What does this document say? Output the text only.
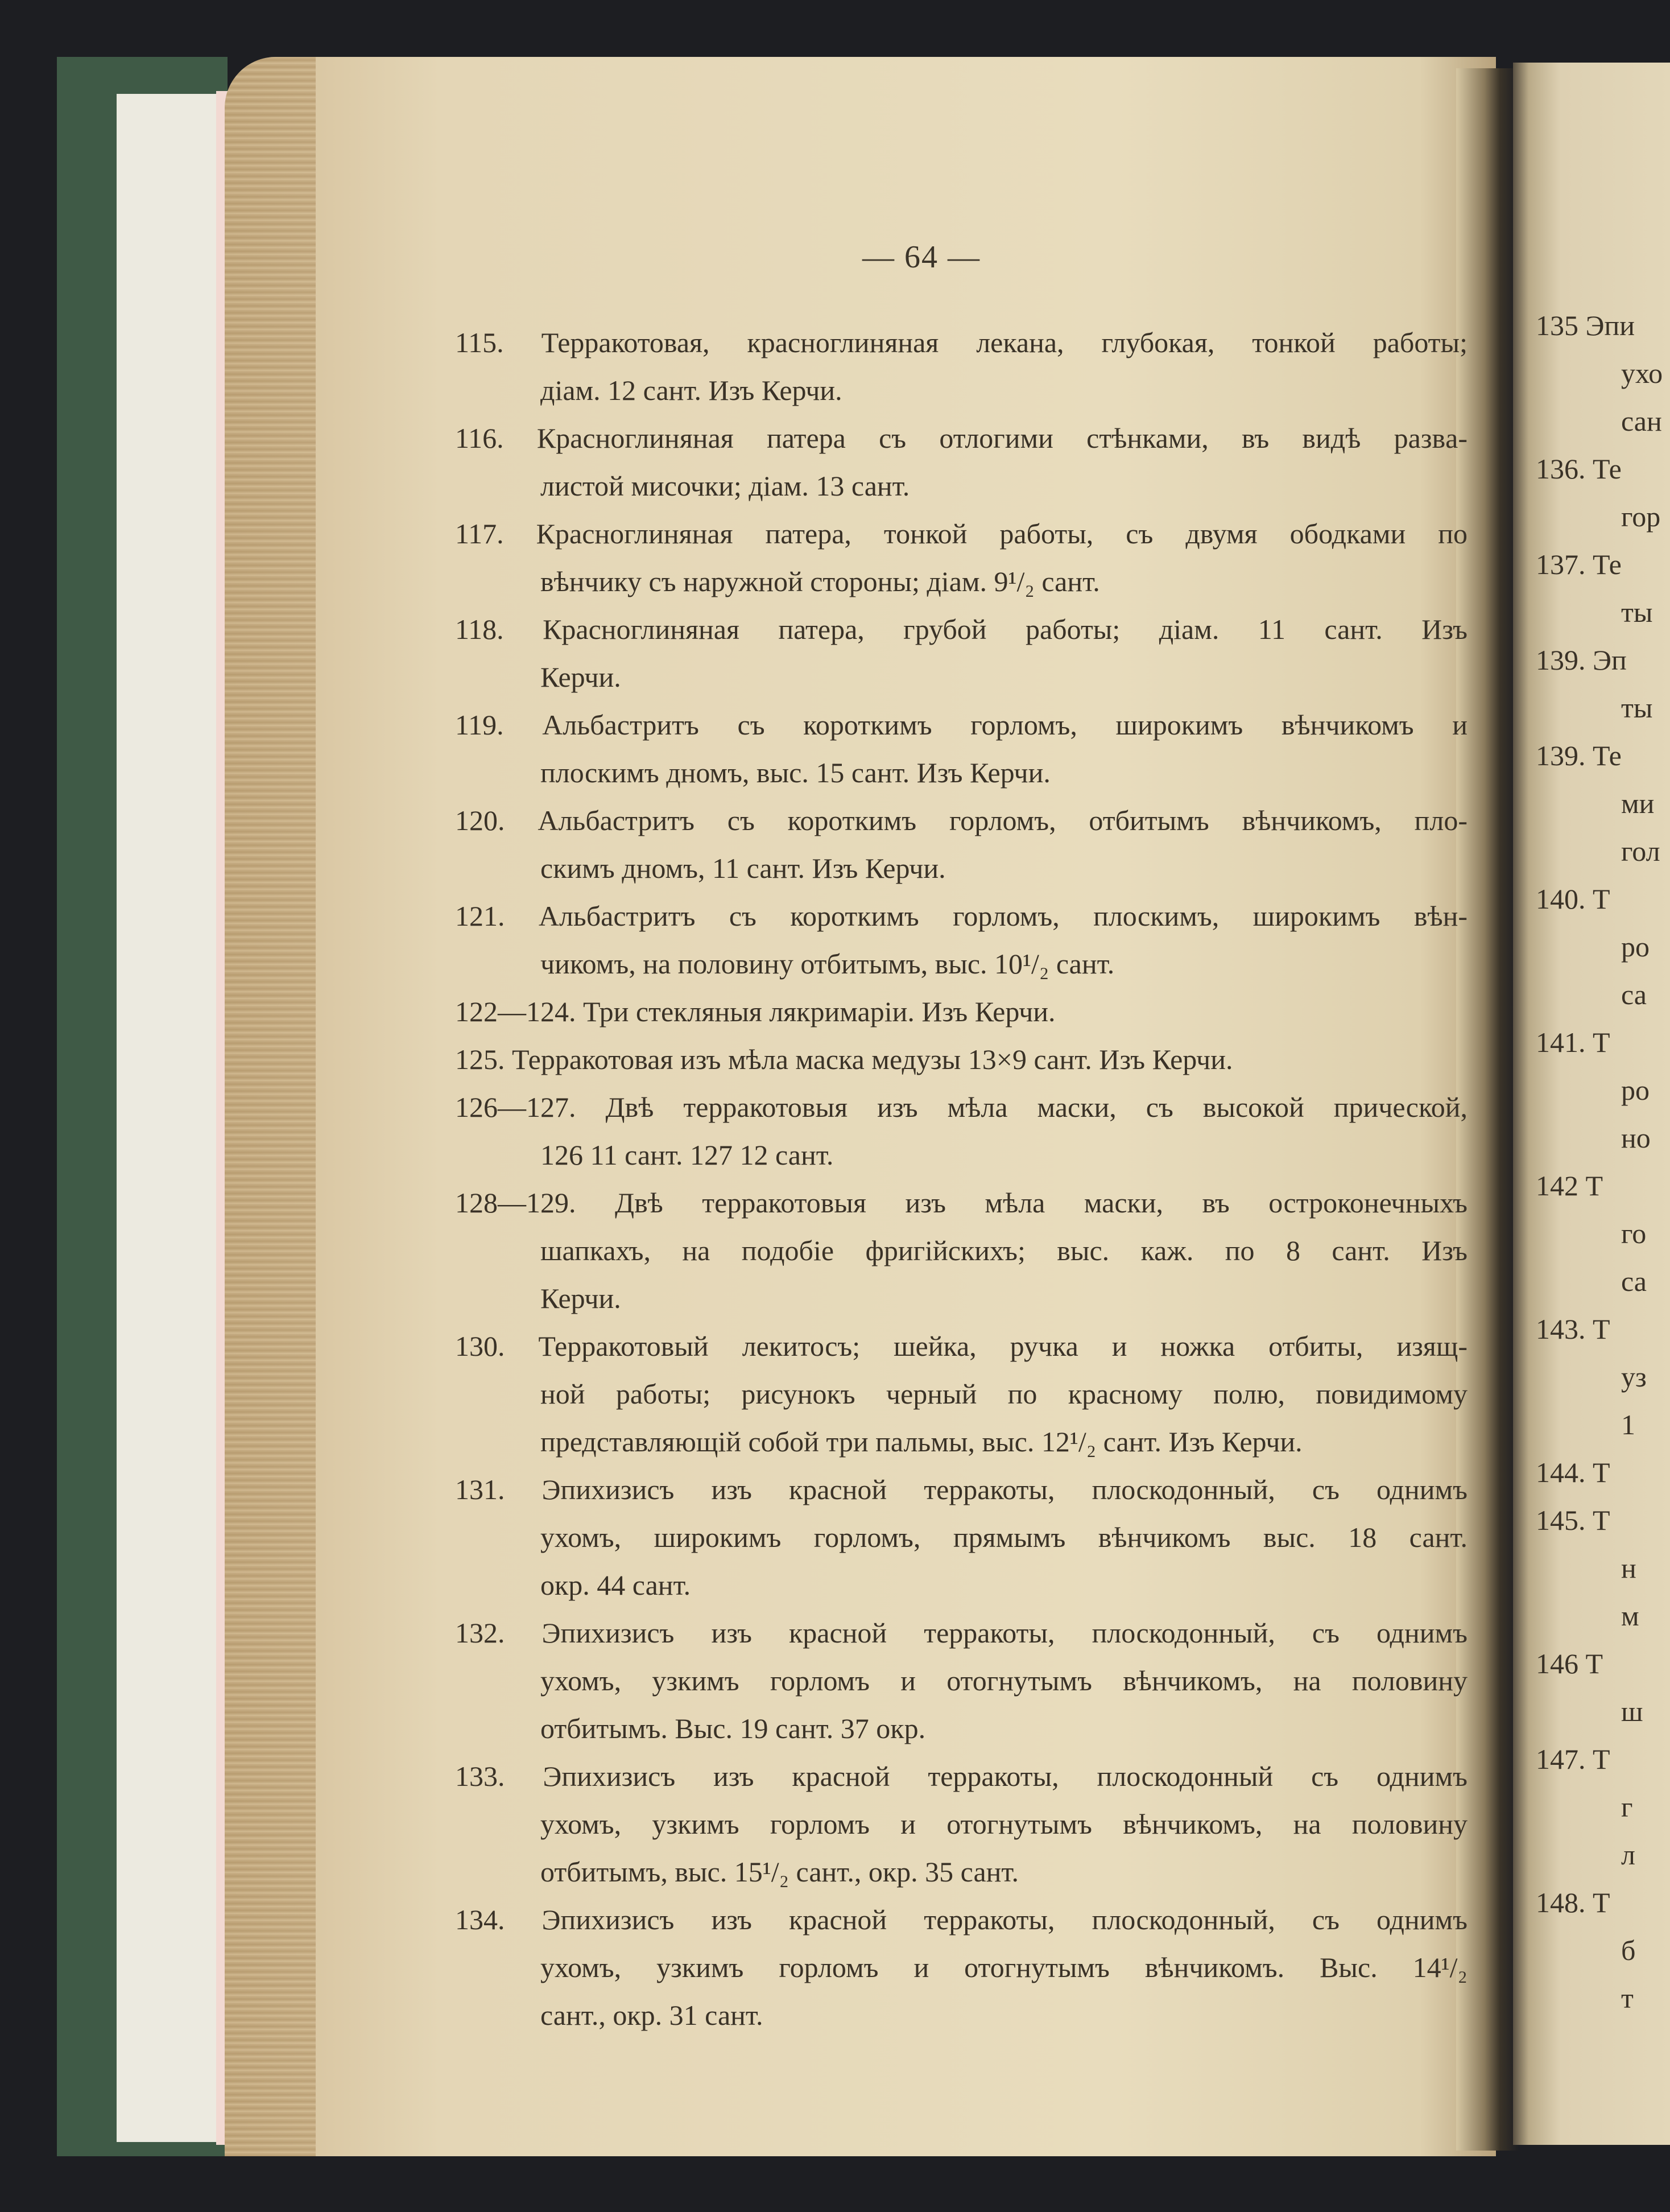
— 64 —
115. Терракотовая, красноглиняная лекана, глубокая, тонкой работы;
діам. 12 сант. Изъ Керчи.
116. Красноглиняная патера съ отлогими стѣнками, въ видѣ развa-
листой мисочки; діам. 13 сант.
117. Красноглиняная патера, тонкой работы, съ двумя ободками по
вѣнчику съ наружной стороны; діам. 9¹/₂ сант.
118. Красноглиняная патера, грубой работы; діам. 11 сант. Изъ
Керчи.
119. Альбастритъ съ короткимъ горломъ, широкимъ вѣнчикомъ и
плоскимъ дномъ, выс. 15 сант. Изъ Керчи.
120. Альбастритъ съ короткимъ горломъ, отбитымъ вѣнчикомъ, пло-
скимъ дномъ, 11 сант. Изъ Керчи.
121. Альбастритъ съ короткимъ горломъ, плоскимъ, широкимъ вѣн-
чикомъ, на половину отбитымъ, выс. 10¹/₂ сант.
122—124. Три стекляныя лякримаріи. Изъ Керчи.
125. Терракотовая изъ мѣла маска медузы 13×9 сант. Изъ Керчи.
126—127. Двѣ терракотовыя изъ мѣла маски, съ высокой прической,
126 11 сант. 127 12 сант.
128—129. Двѣ терракотовыя изъ мѣла маски, въ остроконечныхъ
шапкахъ, на подобіе фригійскихъ; выс. каж. по 8 сант. Изъ
Керчи.
130. Терракотовый лекитосъ; шейка, ручка и ножка отбиты, изящ-
ной работы; рисунокъ черный по красному полю, повидимому
представляющій собой три пальмы, выс. 12¹/₂ сант. Изъ Керчи.
131. Эпихизисъ изъ красной терракоты, плоскодонный, съ однимъ
ухомъ, широкимъ горломъ, прямымъ вѣнчикомъ выс. 18 сант.
окр. 44 сант.
132. Эпихизисъ изъ красной терракоты, плоскодонный, съ однимъ
ухомъ, узкимъ горломъ и отогнутымъ вѣнчикомъ, на половину
отбитымъ. Выс. 19 сант. 37 окр.
133. Эпихизисъ изъ красной терракоты, плоскодонный съ однимъ
ухомъ, узкимъ горломъ и отогнутымъ вѣнчикомъ, на половину
отбитымъ, выс. 15¹/₂ сант., окр. 35 сант.
134. Эпихизисъ изъ красной терракоты, плоскодонный, съ однимъ
ухомъ, узкимъ горломъ и отогнутымъ вѣнчикомъ. Выс. 14¹/₂
сант., окр. 31 сант.
135 Эпи
ухо
сан
136. Те
гор
137. Те
ты
139. Эп
ты
139. Те
ми
гол
140. Т
ро
са
141. Т
ро
но
142 Т
го
са
143. Т
уз
1
144. Т
145. Т
н
м
146 Т
ш
147. Т
г
л
148. Т
б
т
